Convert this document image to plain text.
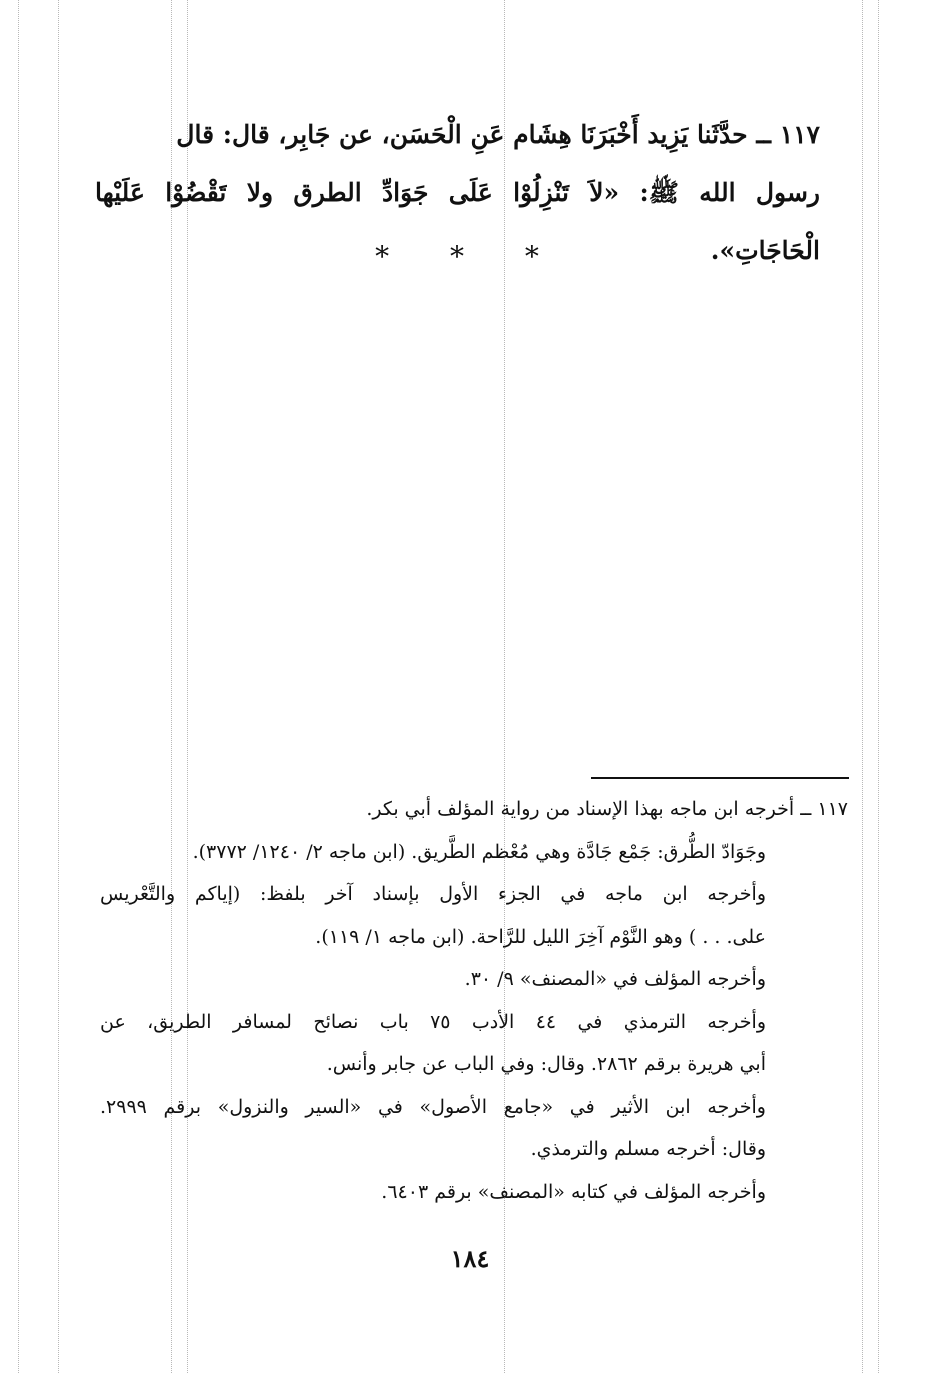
١١٧ ــ حدَّثَنا يَزِيد أَخْبَرَنَا هِشَام عَنِ الْحَسَن، عن جَابِر، قال: قال

رسول الله ﷺ: «لاَ تَنْزِلُوْا عَلَى جَوَادِّ الطرق ولا تَقْضُوْا عَلَيْها الْحَاجَاتِ».

* * *

١١٧ ــ أخرجه ابن ماجه بهذا الإسناد من رواية المؤلف أبي بكر.

وجَوَادّ الطُّرق: جَمْع جَادَّة وهي مُعْظم الطَّريق. (ابن ماجه ٢/ ١٢٤٠/ ٣٧٧٢).

وأخرجه ابن ماجه في الجزء الأول بإسناد آخر بلفظ: (إياكم والتَّعْريس

على. . . ) وهو النَّوْم آخِرَ الليل للرَّاحة. (ابن ماجه ١/ ١١٩).

وأخرجه المؤلف في «المصنف» ٩/ ٣٠.

وأخرجه الترمذي في ٤٤ الأدب ٧٥ باب نصائح لمسافر الطريق، عن

أبي هريرة برقم ٢٨٦٢. وقال: وفي الباب عن جابر وأنس.

وأخرجه ابن الأثير في «جامع الأصول» في «السير والنزول» برقم ٢٩٩٩.

وقال: أخرجه مسلم والترمذي.

وأخرجه المؤلف في كتابه «المصنف» برقم ٦٤٠٣.

١٨٤
